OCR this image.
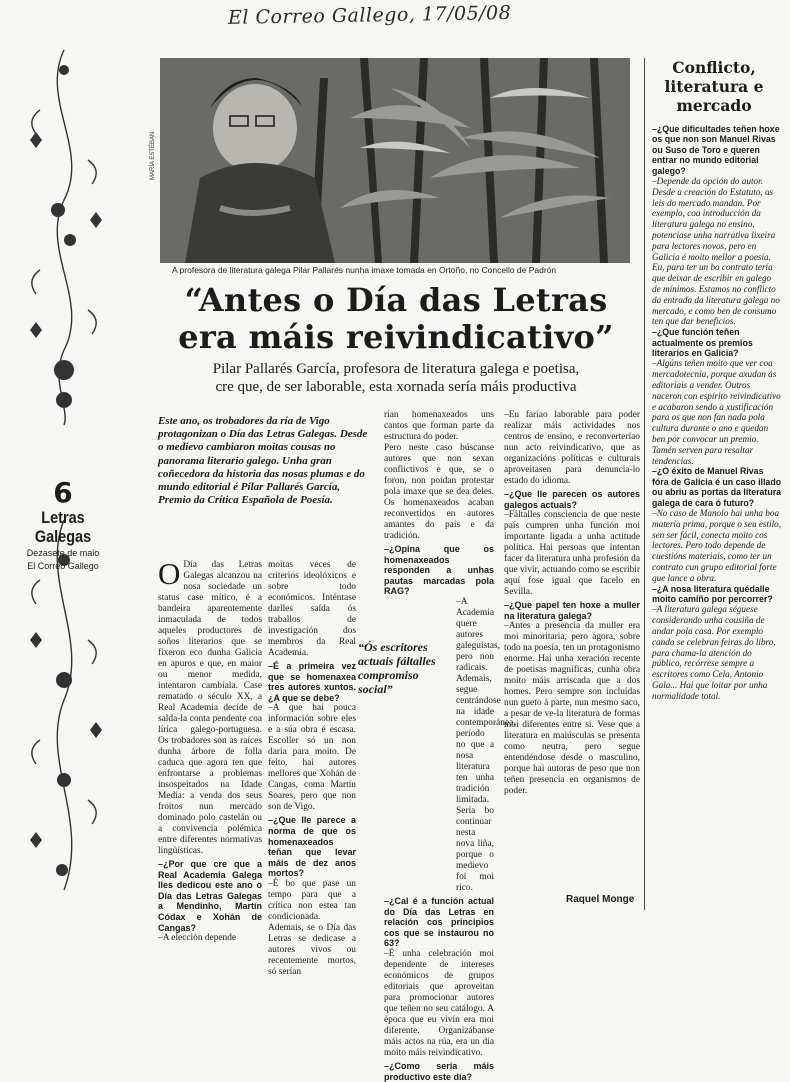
El Correo Gallego, 17/05/08
6
Letras
Galegas
Dezasete de maio
El Correo Gallego
MARÍA ESTÉBAN
A profesora de literatura galega Pilar Pallarés nunha imaxe tomada en Ortoño, no Concello de Padrón
“Antes o Día das Letras
era máis reivindicativo”
Pilar Pallarés García, profesora de literatura galega e poetisa,
cre que, de ser laborable, esta xornada sería máis productiva
Este ano, os trobadores da ría de Vigo protagonizan o Día das Letras Galegas. Desde o medievo cambiaron moitas cousas no panorama literario galego. Unha gran coñecedora da historia das nosas plumas e do mundo editorial é Pilar Pallarés García, Premio da Crítica Española de Poesía.

O Día das Letras Galegas alcanzou na nosa sociedade un status case mítico, é a bandeira aparentemente inmaculada de todos aqueles productores de soños literarios que se fixeron eco dunha Galicia en apuros e que, en maior ou menor medida, intentaron cambiala. Case rematado o século XX, a Real Academia decide de salda-la conta pendente coa lírica galego-portuguesa. Os trobadores son as raíces dunha árbore de folla caduca que agora ten que enfrontarse a problemas insospeitados na Idade Media: a venda dos seus froitos nun mercado dominado polo castelán ou a convivencia polémica entre diferentes normativas lingüísticas.

–¿Por que cre que a Real Academia Galega lles dedicou este ano o Día das Letras Galegas a Mendinho, Martín Códax e Xohán de Cangas?

–A elección depende

moitas veces de criterios ideolóxicos e sobre todo económicos. Inténtase darlles saída ós traballos de investigación dos membros da Real Academia.

–É a primeira vez que se homenaxea tres autores xuntos. ¿A que se debe?

–A que hai pouca información sobre eles e a súa obra é escasa. Escoller só un non daría para moito. De feito, hai autores mellores que Xohán de Cangas, coma Martín Soares, pero que non son de Vigo.

–¿Que lle parece a norma de que os homenaxeados teñan que levar máis de dez anos mortos?

–É bo que pase un tempo para que a crítica non estea tan condicionada. Ademais, se o Día das Letras se dedicase a autores vivos ou recentemente mortos, só serían

“Ós escritores actuais fáltalles compromiso social”

rían homenaxeados uns cantos que forman parte da estructura do poder.

Pero neste caso búscanse autores que non sexan conflictivos e que, se o foron, non poidan protestar pola imaxe que se dea deles. Os homenaxeados acaban reconvertidos en autores amantes do país e da tradición.

–¿Opina que os homenaxeados responden a unhas pautas marcadas pola RAG?

–A Academia quere autores galeguistas, pero non radicais. Ademais, segue centrándose na idade contemporánea, período no que a nosa literatura ten unha tradición limitada. Sería bo continuar nesta nova liña, porque o medievo foi moi rico.

–¿Cal é a función actual do Día das Letras en relación cos principios cos que se instaurou no 63?

–É unha celebración moi dependente de intereses económicos de grupos editoriais que aproveitan para promocionar autores que teñen no seu catálogo. A época que eu vivín era moi diferente. Organizábanse máis actos na rúa, era un día moito máis reivindicativo.

–¿Como sería máis productivo este día?

–Eu faríao laborable para poder realizar máis actividades nos centros de ensino, e reconverteríao nun acto reivindicativo, que as organizacións políticas e culturais aproveitasen para denuncia-lo estado do idioma.

–¿Que lle parecen os autores galegos actuais?

–Fáltalles consciencia de que neste país cumpren unha función moi importante ligada a unha actitude política. Hai persoas que intentan facer da literatura unha profesión da que vivir, actuando como se escribir aquí fose igual que facelo en Sevilla.

–¿Que papel ten hoxe a muller na literatura galega?

–Antes a presencia da muller era moi minoritaria, pero agora, sobre todo na poesía, ten un protagonismo enorme. Hai unha xeración recente de poetisas magníficas, cunha obra moito máis arriscada que a dos homes. Pero sempre son incluídas nun gueto á parte, nun mesmo saco, a pesar de ve-la literatura de formas moi diferentes entre si. Vese que a literatura en maiúsculas se presenta como neutra, pero segue entendéndose desde o masculino, porque hai autoras de peso que non teñen presencia en organismos de poder.

Conflicto,
literatura e
mercado

–¿Que dificultades teñen hoxe os que non son Manuel Rivas ou Suso de Toro e queren entrar no mundo editorial galego?

–Depende da opción do autor. Desde a creación do Estatuto, as leis do mercado mandan. Por exemplo, coa introducción da literatura galega no ensino, potenciase unha narrativa lixeira para lectores novos, pero en Galicia é moito mellor a poesía. Eu, para ter un bo contrato tería que deixar de escribir en galego de mínimos. Estamos no conflicto da entrada da literatura galega no mercado, e como ben de consumo ten que dar beneficios.

–¿Que función teñen actualmente os premios literarios en Galicia?

–Algúns teñen moito que ver coa mercadotecnia, porque axudan ás editoriais a vender. Outros naceron con espírito reivindicativo e acabaron sendo a xustificación para os que non fan nada pola cultura durante o ano e quedan ben por convocar un premio. Tamén serven para resaltar tendencias.

–¿O éxito de Manuel Rivas fóra de Galicia é un caso illado ou abriu as portas da literatura galega de cara ó futuro?

–No caso de Manolo hai unha boa materia prima, porque o seu estilo, sen ser fácil, conecta moito cos lectores. Pero todo depende de cuestións materiais, como ter un contrato cun grupo editorial forte que lance a obra.

–¿A nosa literatura quédalle moito camiño por percorrer?

–A literatura galega séguese considerando unha cousiña de andar pola casa. Por exemplo cando se celebran feiras do libro, para chama-la atención do público, recórrese sempre a escritores como Cela, Antonio Gala... Hai que loitar por unha normalidade total.

Raquel Monge
